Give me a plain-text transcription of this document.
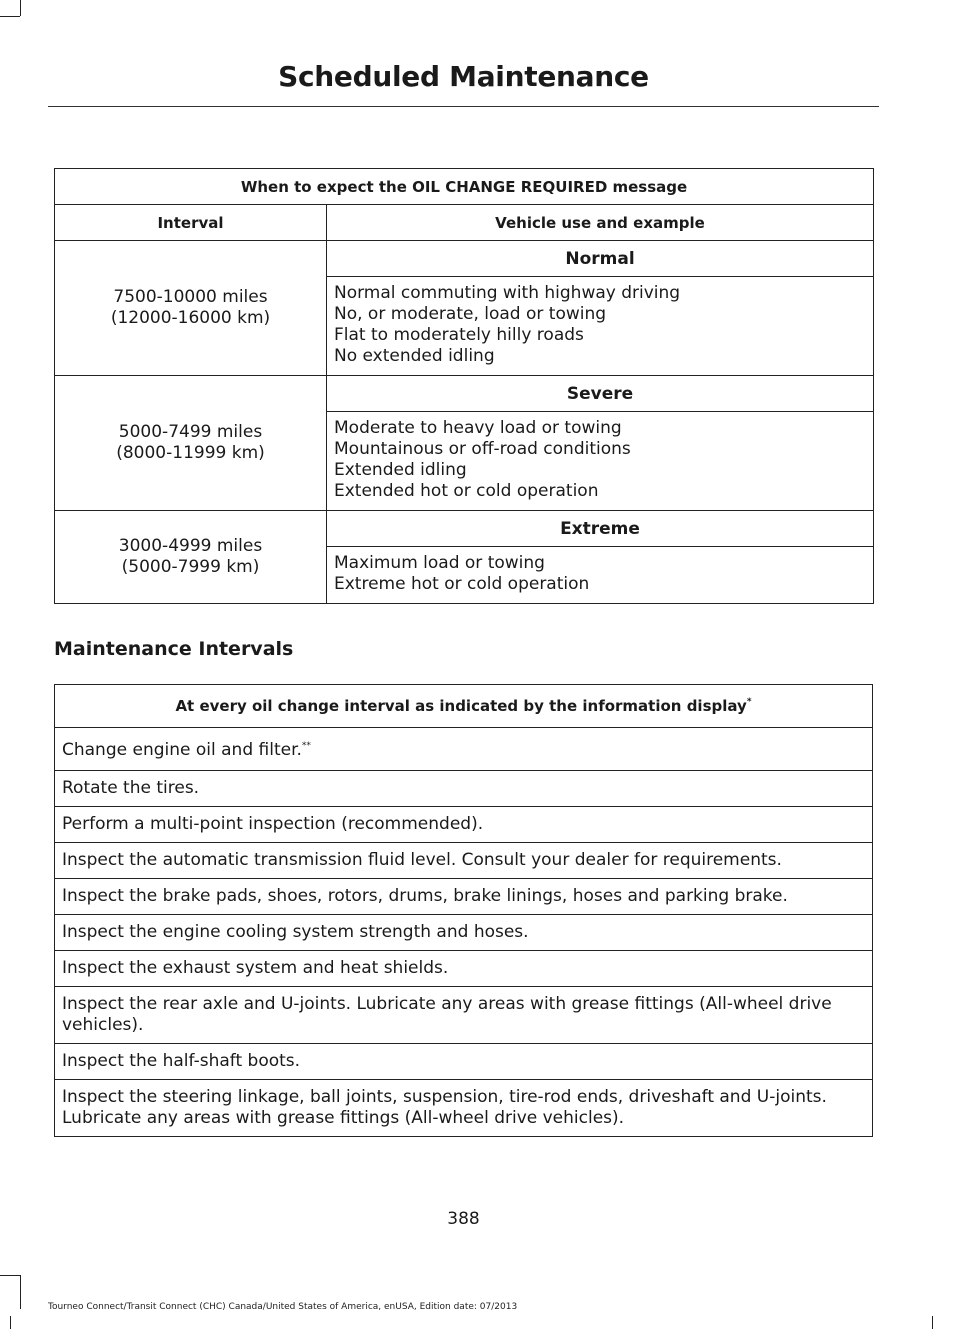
Scheduled Maintenance
When to expect the OIL CHANGE REQUIRED message	
Interval	Vehicle use and example

7500-10000 miles
(12000-16000 km)	Normal

	Normal commuting with highway driving
No, or moderate, load or towing
Flat to moderately hilly roads
No extended idling

5000-7499 miles
(8000-11999 km)	Severe

	Moderate to heavy load or towing
Mountainous or off-road conditions
Extended idling
Extended hot or cold operation

3000-4999 miles
(5000-7999 km)	Extreme

	Maximum load or towing
Extreme hot or cold operation
Maintenance Intervals
At every oil change interval as indicated by the information display*
Change engine oil and filter.**
Rotate the tires.
Perform a multi-point inspection (recommended).
Inspect the automatic transmission fluid level. Consult your dealer for requirements.
Inspect the brake pads, shoes, rotors, drums, brake linings, hoses and parking brake.
Inspect the engine cooling system strength and hoses.
Inspect the exhaust system and heat shields.
Inspect the rear axle and U-joints. Lubricate any areas with grease fittings (All-wheel drive vehicles).
Inspect the half-shaft boots.
Inspect the steering linkage, ball joints, suspension, tire-rod ends, driveshaft and U-joints. Lubricate any areas with grease fittings (All-wheel drive vehicles).
388
Tourneo Connect/Transit Connect (CHC) Canada/United States of America, enUSA, Edition date: 07/2013
